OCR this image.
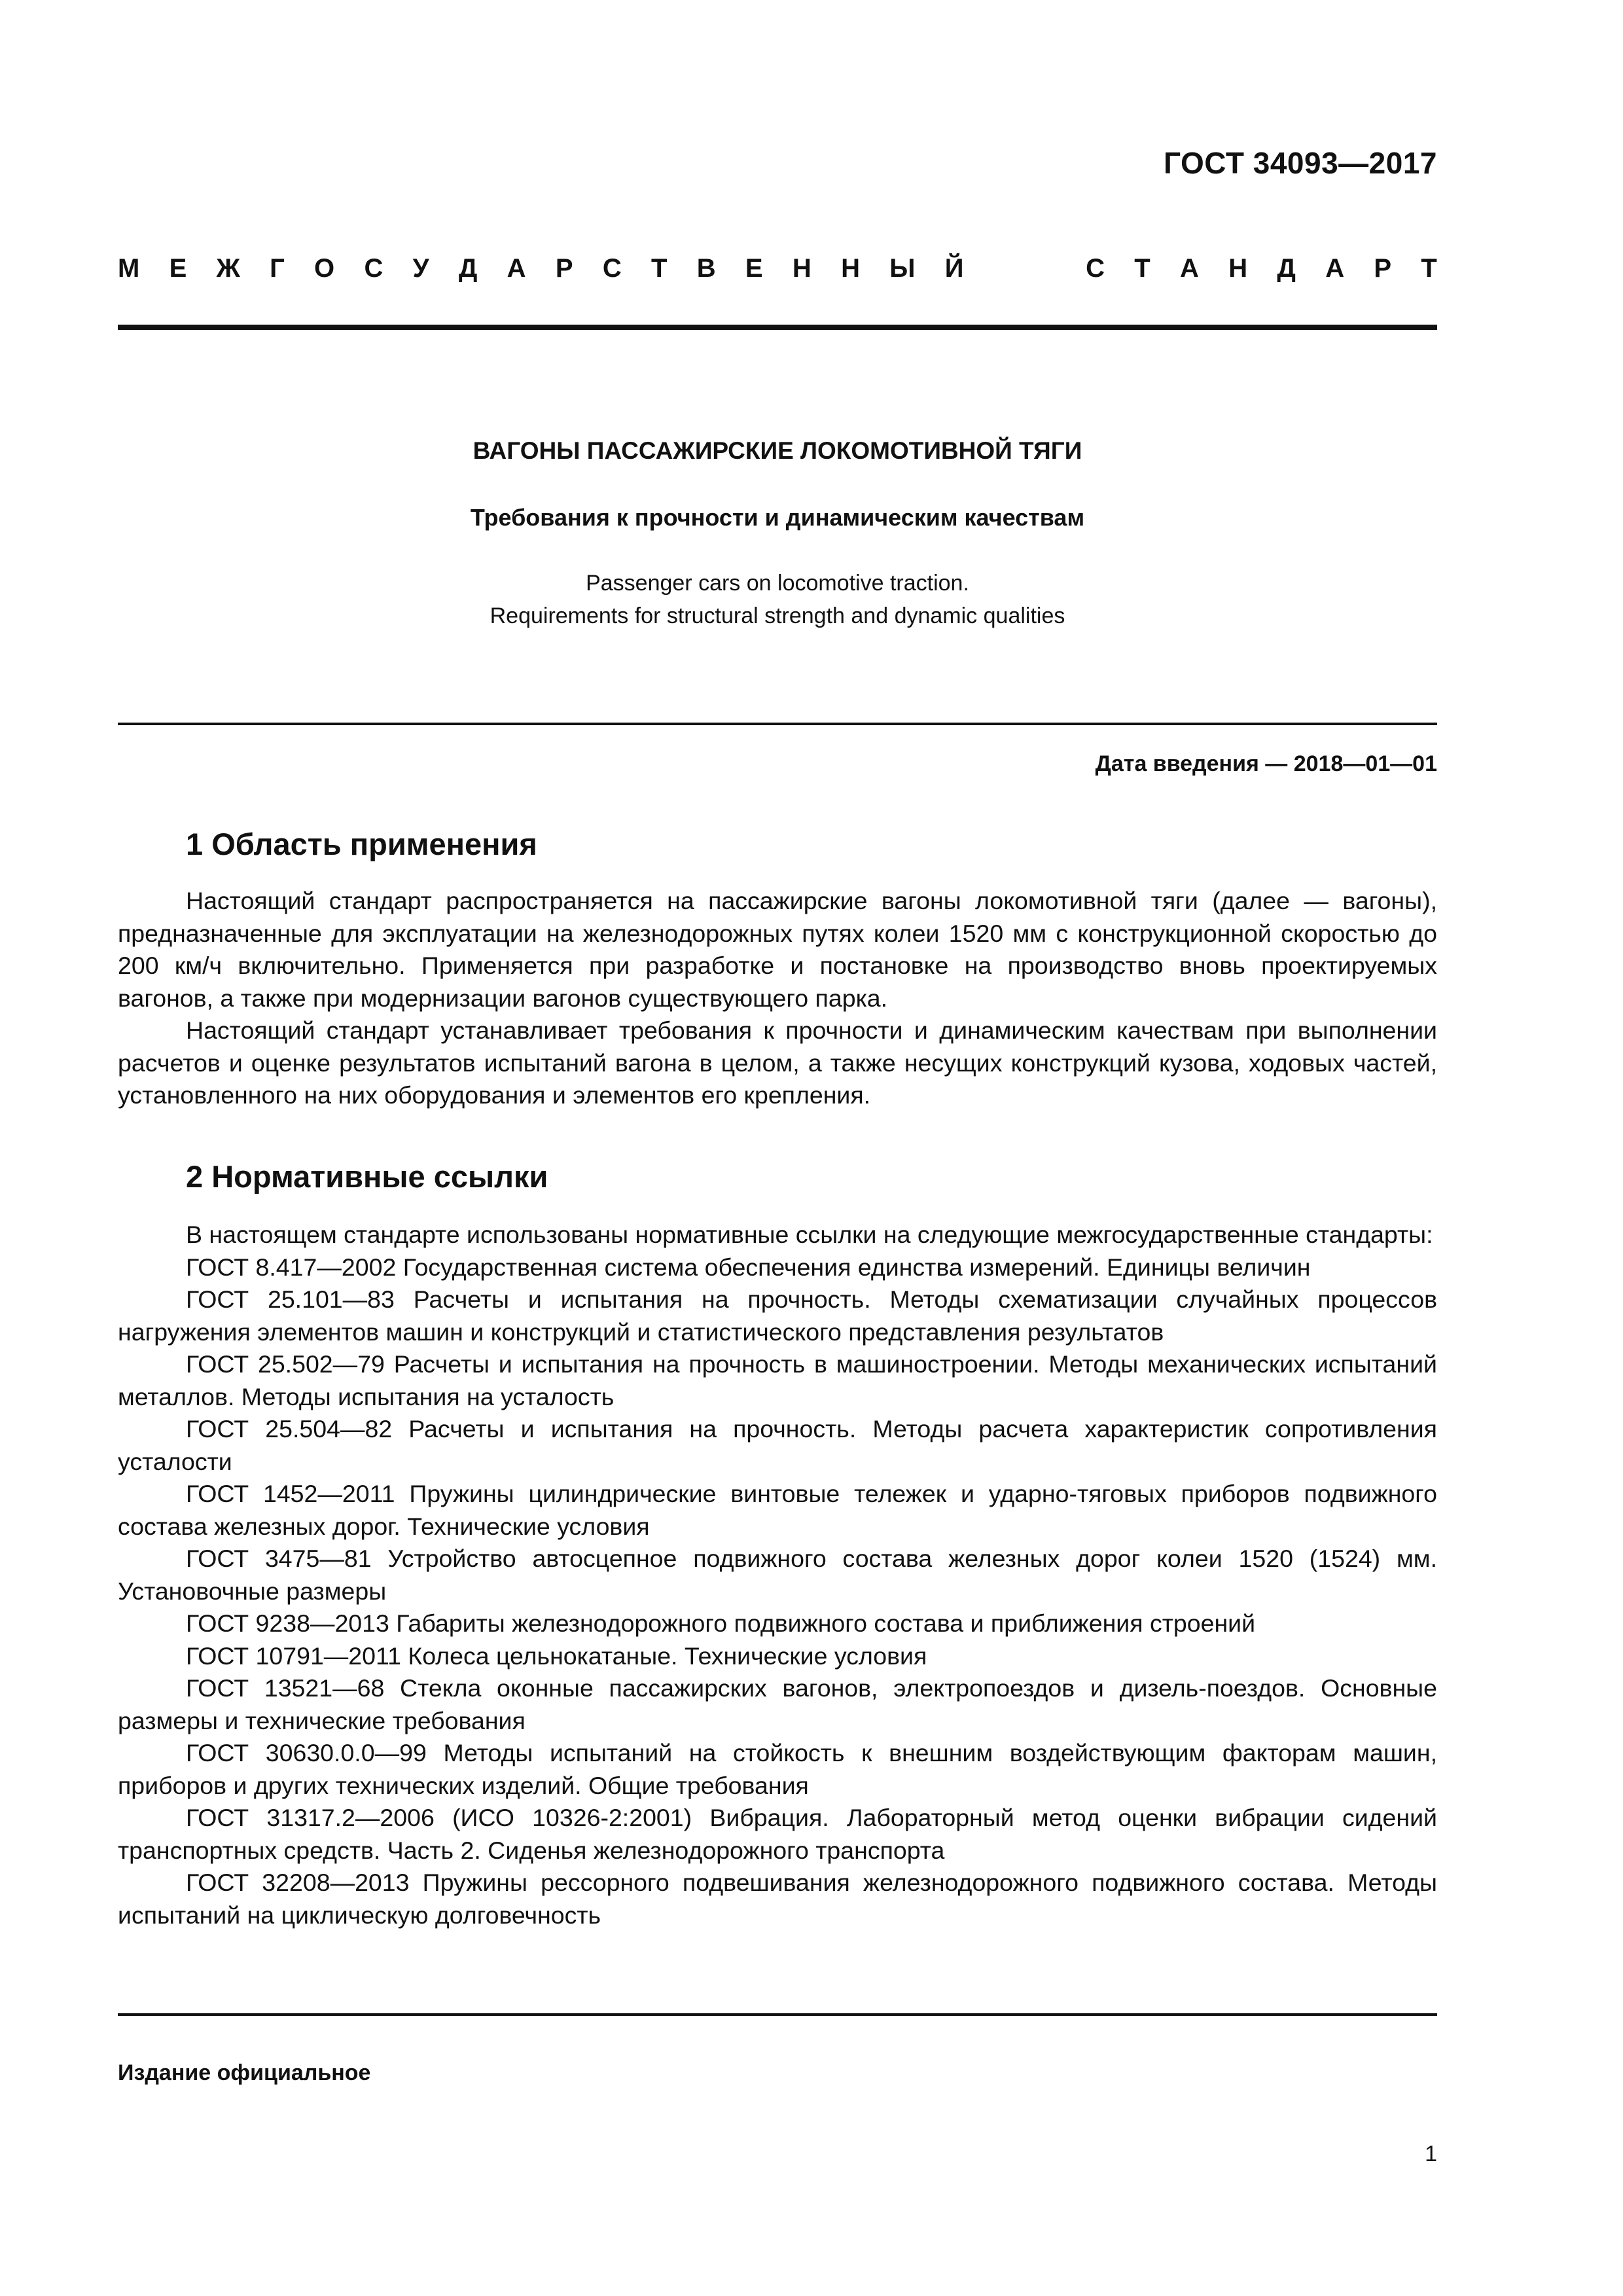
ГОСТ 34093—2017
М Е Ж Г О С У Д А Р С Т В Е Н Н Ы Й	С Т А Н Д А Р Т
ВАГОНЫ ПАССАЖИРСКИЕ ЛОКОМОТИВНОЙ ТЯГИ
Требования к прочности и динамическим качествам
Passenger cars on locomotive traction.
Requirements for structural strength and dynamic qualities
Дата введения — 2018—01—01
1 Область применения

Настоящий стандарт распространяется на пассажирские вагоны локомотивной тяги (далее — вагоны), предназначенные для эксплуатации на железнодорожных путях колеи 1520 мм с конструкционной скоростью до 200 км/ч включительно. Применяется при разработке и постановке на производство вновь проектируемых вагонов, а также при модернизации вагонов существующего парка.

Настоящий стандарт устанавливает требования к прочности и динамическим качествам при выполнении расчетов и оценке результатов испытаний вагона в целом, а также несущих конструкций кузова, ходовых частей, установленного на них оборудования и элементов его крепления.

2 Нормативные ссылки

В настоящем стандарте использованы нормативные ссылки на следующие межгосударственные стандарты:

ГОСТ 8.417—2002 Государственная система обеспечения единства измерений. Единицы величин

ГОСТ 25.101—83 Расчеты и испытания на прочность. Методы схематизации случайных процессов нагружения элементов машин и конструкций и статистического представления результатов

ГОСТ 25.502—79 Расчеты и испытания на прочность в машиностроении. Методы механических испытаний металлов. Методы испытания на усталость

ГОСТ 25.504—82 Расчеты и испытания на прочность. Методы расчета характеристик сопротивления усталости

ГОСТ 1452—2011 Пружины цилиндрические винтовые тележек и ударно-тяговых приборов подвижного состава железных дорог. Технические условия

ГОСТ 3475—81 Устройство автосцепное подвижного состава железных дорог колеи 1520 (1524) мм. Установочные размеры

ГОСТ 9238—2013 Габариты железнодорожного подвижного состава и приближения строений

ГОСТ 10791—2011 Колеса цельнокатаные. Технические условия

ГОСТ 13521—68 Стекла оконные пассажирских вагонов, электропоездов и дизель-поездов. Основные размеры и технические требования

ГОСТ 30630.0.0—99 Методы испытаний на стойкость к внешним воздействующим факторам машин, приборов и других технических изделий. Общие требования

ГОСТ 31317.2—2006 (ИСО 10326-2:2001) Вибрация. Лабораторный метод оценки вибрации сидений транспортных средств. Часть 2. Сиденья железнодорожного транспорта

ГОСТ 32208—2013 Пружины рессорного подвешивания железнодорожного подвижного состава. Методы испытаний на циклическую долговечность

Издание официальное
1
